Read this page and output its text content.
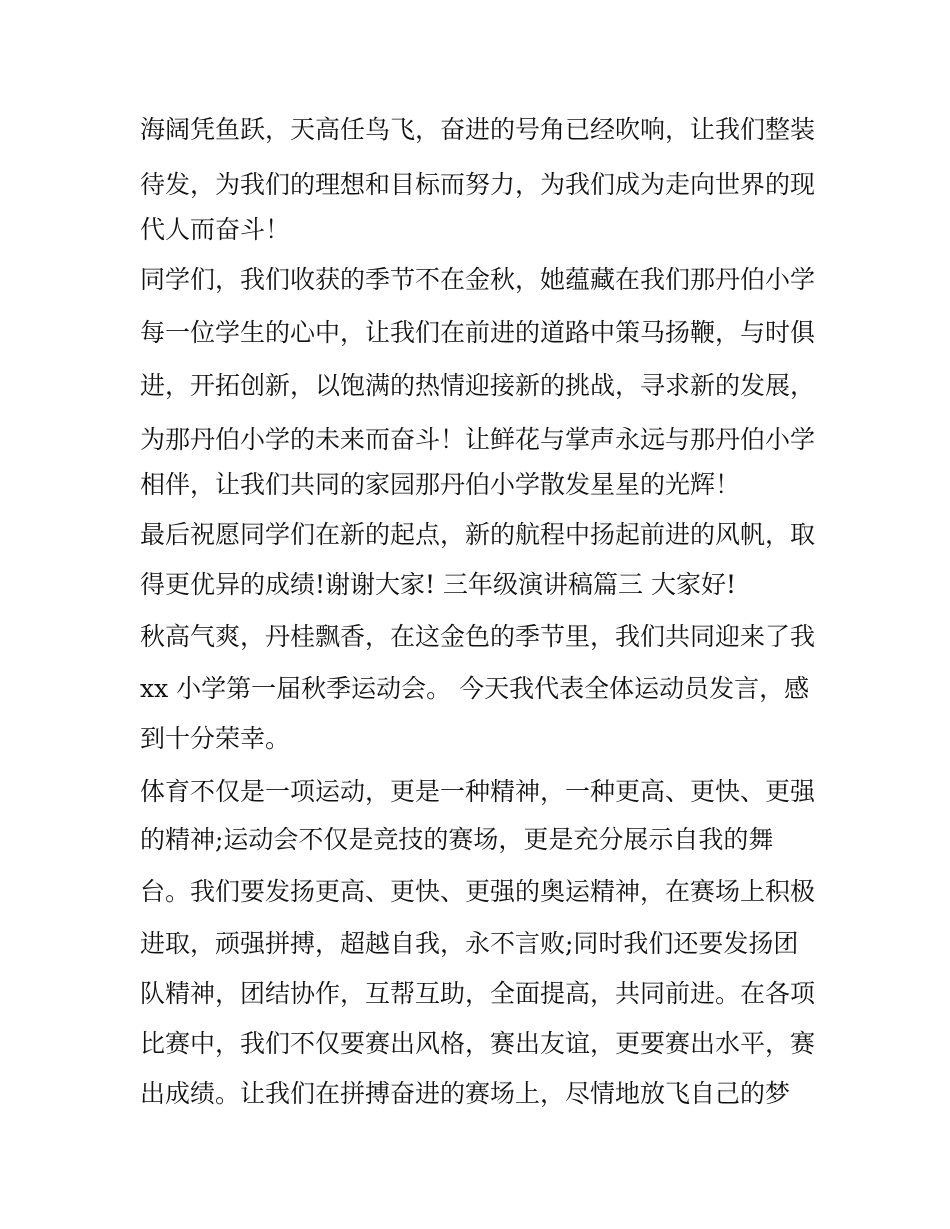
海阔凭鱼跃，天高任鸟飞，奋进的号角已经吹响，让我们整装
待发，为我们的理想和目标而努力，为我们成为走向世界的现
代人而奋斗！
同学们，我们收获的季节不在金秋，她蕴藏在我们那丹伯小学
每一位学生的心中，让我们在前进的道路中策马扬鞭，与时俱
进，开拓创新，以饱满的热情迎接新的挑战，寻求新的发展，
为那丹伯小学的未来而奋斗！让鲜花与掌声永远与那丹伯小学
相伴，让我们共同的家园那丹伯小学散发星星的光辉！
最后祝愿同学们在新的起点，新的航程中扬起前进的风帆，取
得更优异的成绩!谢谢大家! 三年级演讲稿篇三 大家好!
秋高气爽，丹桂飘香，在这金色的季节里，我们共同迎来了我
xx 小学第一届秋季运动会。 今天我代表全体运动员发言，感
到十分荣幸。
体育不仅是一项运动，更是一种精神，一种更高、更快、更强
的精神;运动会不仅是竞技的赛场，更是充分展示自我的舞
台。我们要发扬更高、更快、更强的奥运精神，在赛场上积极
进取，顽强拼搏，超越自我，永不言败;同时我们还要发扬团
队精神，团结协作，互帮互助，全面提高，共同前进。在各项
比赛中，我们不仅要赛出风格，赛出友谊，更要赛出水平，赛
出成绩。让我们在拼搏奋进的赛场上，尽情地放飞自己的梦
